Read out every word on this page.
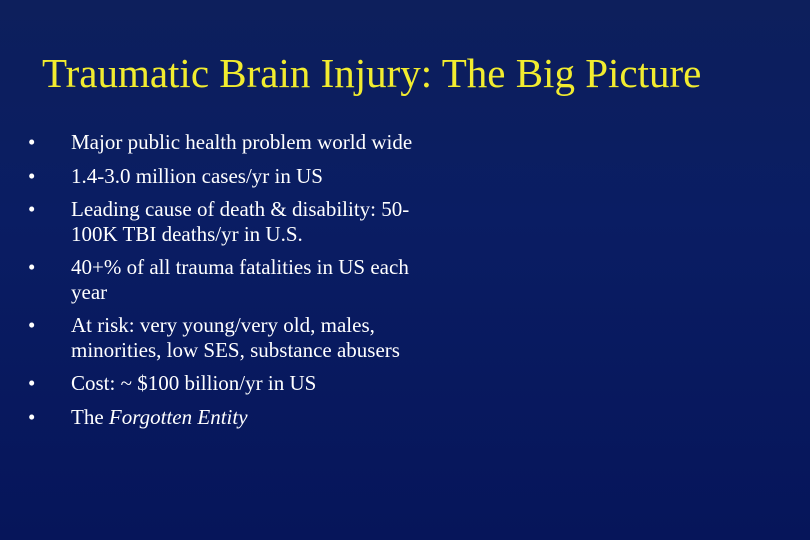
Traumatic Brain Injury: The Big Picture
•	Major public health problem world wide
•	1.4-3.0 million cases/yr in US
•	Leading cause of death & disability: 50-100K TBI deaths/yr in U.S.
•	40+% of all trauma fatalities in US each year
•	At risk: very young/very old, males, minorities, low SES, substance abusers
•	Cost: ~ $100 billion/yr in US
•	The Forgotten Entity
